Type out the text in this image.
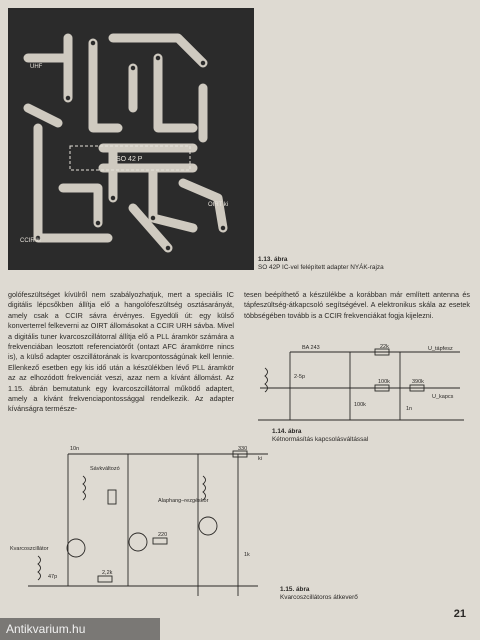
SO 42 P
UHF
OIRT ki
CCIR ki
1.13. ábra
SO 42P IC-vel felépített adapter NYÁK-rajza

golófeszültséget kívülről nem szabályozhatjuk, mert a speciális IC digitális lépcsőkben állítja elő a hangolófeszültség osztásarányát, amely csak a CCIR sávra érvényes. Egyedüli út: egy külső konverterrel felkeverni az OIRT állomásokat a CCIR URH sávba. Mivel a digitális tuner kvarcoszcillátorral állítja elő a PLL áramkör számára a frekvenciában leosztott referenciatörőt (ontazt AFC áramkörre nincs is), a külső adapter oszcillátorának is kvarcpontosságúnak kell lennie. Ellenkező esetben egy kis idő után a készülékben lévő PLL áramkör az az elhozódott frekvenciát veszi, azaz nem a kívánt állomást. Az 1.15. ábrán bemutatunk egy kvarcoszcillátorral működő adaptert, amely a kívánt frekvenciapontossággal rendelkezik. Az adapter kívánságra természe-

tesen beépíthető a készülékbe a korábban már említett antenna és tápfeszültség-átkapcsoló segítségével. A elektronikus skála az esetek többségében tovább is a CCIR frekvenciákat fogja kijelezni.

BA 243	22k	U_tápfesz
100k	390k
U_kapcs
2-5p
100k
1n
1.14. ábra
Kétnormásítás kapcsolásváltással
330
ki
Alaphang–rezgéskör
Sávkváltozó
Kvarcoszcillátor
10n
220
2,2k
1k
47p
1.15. ábra
Kvarcoszcillátoros átkeverő
21
Antikvarium.hu
